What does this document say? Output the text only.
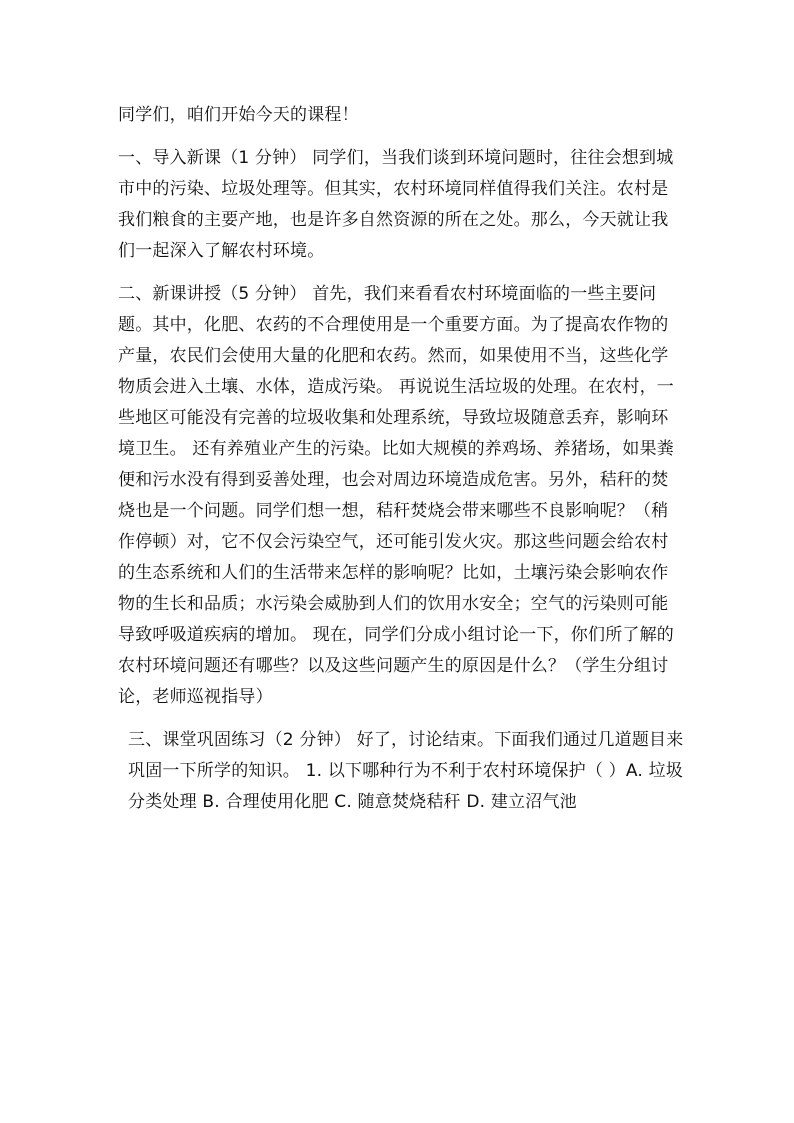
同学们，咱们开始今天的课程！

一、导入新课（1 分钟） 同学们，当我们谈到环境问题时，往往会想到城市中的污染、垃圾处理等。但其实，农村环境同样值得我们关注。农村是我们粮食的主要产地，也是许多自然资源的所在之处。那么，今天就让我们一起深入了解农村环境。

二、新课讲授（5 分钟） 首先，我们来看看农村环境面临的一些主要问题。其中，化肥、农药的不合理使用是一个重要方面。为了提高农作物的产量，农民们会使用大量的化肥和农药。然而，如果使用不当，这些化学物质会进入土壤、水体，造成污染。 再说说生活垃圾的处理。在农村，一些地区可能没有完善的垃圾收集和处理系统，导致垃圾随意丢弃，影响环境卫生。 还有养殖业产生的污染。比如大规模的养鸡场、养猪场，如果粪便和污水没有得到妥善处理，也会对周边环境造成危害。另外，秸秆的焚烧也是一个问题。同学们想一想，秸秆焚烧会带来哪些不良影响呢？（稍作停顿）对，它不仅会污染空气，还可能引发火灾。那这些问题会给农村的生态系统和人们的生活带来怎样的影响呢？比如，土壤污染会影响农作物的生长和品质；水污染会威胁到人们的饮用水安全；空气的污染则可能导致呼吸道疾病的增加。 现在，同学们分成小组讨论一下，你们所了解的农村环境问题还有哪些？以及这些问题产生的原因是什么？（学生分组讨论，老师巡视指导）

三、课堂巩固练习（2 分钟） 好了，讨论结束。下面我们通过几道题目来巩固一下所学的知识。 1. 以下哪种行为不利于农村环境保护（ ）A. 垃圾分类处理 B. 合理使用化肥 C. 随意焚烧秸秆 D. 建立沼气池
